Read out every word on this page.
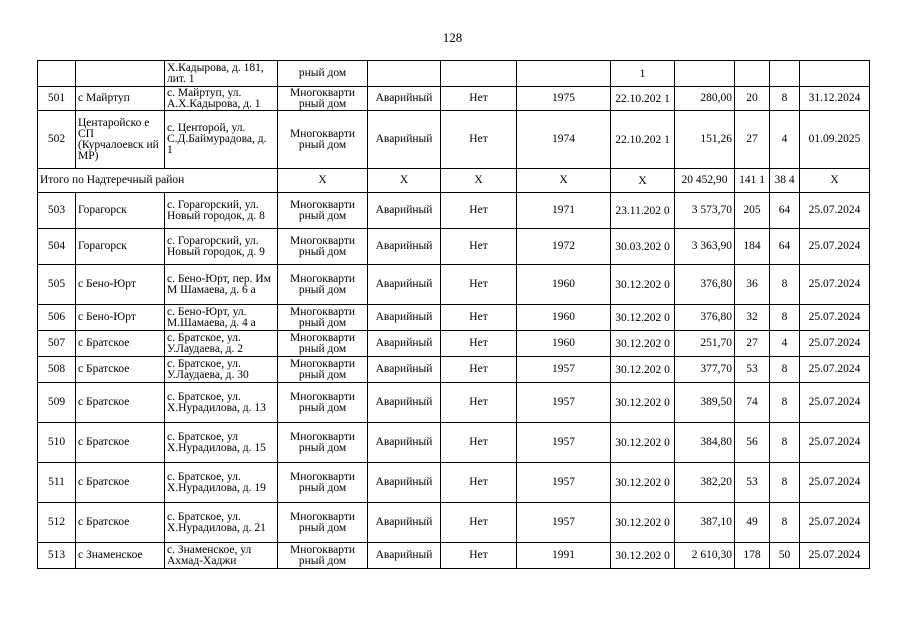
128
		Х.Кадырова, д. 181, лит. 1	рный дом				1				
501	с Майртуп	с. Майртуп, ул. А.Х.Кадырова, д. 1	Многокварти рный дом	Аварийный	Нет	1975	22.10.202 1	280,00	20	8	31.12.2024
502	Центаройско е СП (Курчалоевск ий МР)	с. Центорой, ул. С.Д.Баймурадова, д. 1	Многокварти рный дом	Аварийный	Нет	1974	22.10.202 1	151,26	27	4	01.09.2025
Итого по Надтеречный район			Х	Х	Х	Х	Х	20 452,90	141 1	38 4	Х
503	Горагорск	с. Горагорский, ул. Новый городок, д. 8	Многокварти рный дом	Аварийный	Нет	1971	23.11.202 0	3 573,70	205	64	25.07.2024
504	Горагорск	с. Горагорский, ул. Новый городок, д. 9	Многокварти рный дом	Аварийный	Нет	1972	30.03.202 0	3 363,90	184	64	25.07.2024
505	с Бено-Юрт	с. Бено-Юрт, пер. Им М Шамаева, д. 6 а	Многокварти рный дом	Аварийный	Нет	1960	30.12.202 0	376,80	36	8	25.07.2024
506	с Бено-Юрт	с. Бено-Юрт, ул. М.Шамаева, д. 4 а	Многокварти рный дом	Аварийный	Нет	1960	30.12.202 0	376,80	32	8	25.07.2024
507	с Братское	с. Братское, ул. У.Лаудаева, д. 2	Многокварти рный дом	Аварийный	Нет	1960	30.12.202 0	251,70	27	4	25.07.2024
508	с Братское	с. Братское, ул. У.Лаудаева, д. 30	Многокварти рный дом	Аварийный	Нет	1957	30.12.202 0	377,70	53	8	25.07.2024
509	с Братское	с. Братское, ул. Х.Нурадилова, д. 13	Многокварти рный дом	Аварийный	Нет	1957	30.12.202 0	389,50	74	8	25.07.2024
510	с Братское	с. Братское, ул Х.Нурадилова, д. 15	Многокварти рный дом	Аварийный	Нет	1957	30.12.202 0	384,80	56	8	25.07.2024
511	с Братское	с. Братское, ул. Х.Нурадилова, д. 19	Многокварти рный дом	Аварийный	Нет	1957	30.12.202 0	382,20	53	8	25.07.2024
512	с Братское	с. Братское, ул. Х.Нурадилова, д. 21	Многокварти рный дом	Аварийный	Нет	1957	30.12.202 0	387,10	49	8	25.07.2024
513	с Знаменское	с. Знаменское, ул Ахмад-Хаджи	Многокварти рный дом	Аварийный	Нет	1991	30.12.202 0	2 610,30	178	50	25.07.2024
